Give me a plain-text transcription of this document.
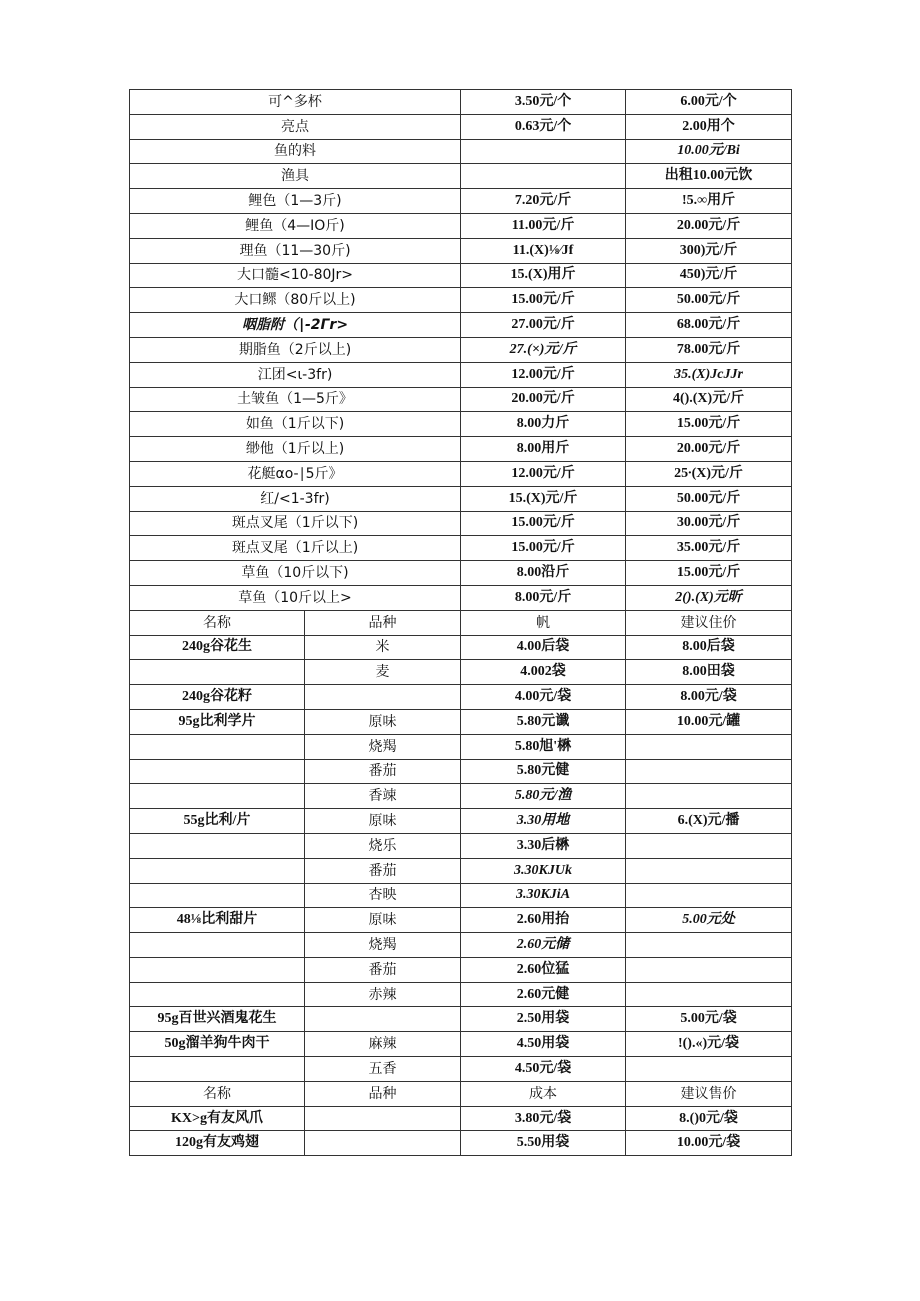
可^多杯		3.50元/个	6.00元/个
亮点		0.63元/个	2.00用个
鱼的料			10.00元/Bi
渔具			出租10.00元饮
鲤色（1—3斤)		7.20元/斤	!5.∞用斤
鲤鱼（4—IO斤)		11.00元/斤	20.00元/斤
理鱼（11—30斤)		11.(X)⅛∕Jf	300)元/斤
大口髓<10-80Jr>		15.(X)用斤	450)元/斤
大口鳏（80斤以上)		15.00元/斤	50.00元/斤
咽脂附（∣-2Γr>		27.00元/斤	68.00元/斤
期脂鱼（2斤以上)		27.(×)元/斤	78.00元/斤
江团<ι-3fr)		12.00元/斤	35.(X)JcJJr
土皱鱼（1—5斤》		20.00元/斤	4().(X)元/斤
如鱼（1斤以下)		8.00力斤	15.00元/斤
缈他（1斤以上)		8.00用斤	20.00元/斤
花艇αo-∣5斤》		12.00元/斤	25∙(X)元/斤
红/<1-3fr)		15.(X)元/斤	50.00元/斤
斑点叉尾（1斤以下)		15.00元/斤	30.00元/斤
斑点叉尾（1斤以上)		15.00元/斤	35.00元/斤
草鱼（10斤以下)		8.00沿斤	15.00元/斤
草鱼（10斤以上>		8.00元/斤	2().(X)元昕
名称	品种	帆	建议住价
240g谷花生	米	4.00后袋	8.00后袋
	麦	4.002袋	8.00田袋
240g谷花籽		4.00元/袋	8.00元/袋
95g比利学片	原味	5.80元谶	10.00元/罐
	烧羯	5.80旭'楙	
	番茄	5.80元健	
	香竦	5.80元/渔	
55g比利/片	原味	3.30用地	6.(X)元/播
	烧乐	3.30后楙	
	番茄	3.30KJUk	
	杏映	3.30KJiA	
48⅛比利甜片	原味	2.60用抬	5.00元处
	烧羯	2.60元储	
	番茄	2.60位猛	
	赤辣	2.60元健	
95g百世兴酒鬼花生		2.50用袋	5.00元/袋
50g溜羊狗牛肉干	麻辣	4.50用袋	!().«)元/袋
	五香	4.50元/袋	
名称	品种	成本	建议售价
KX>g有友风爪		3.80元/袋	8.()0元/袋
120g有友鸡翅		5.50用袋	10.00元/袋
